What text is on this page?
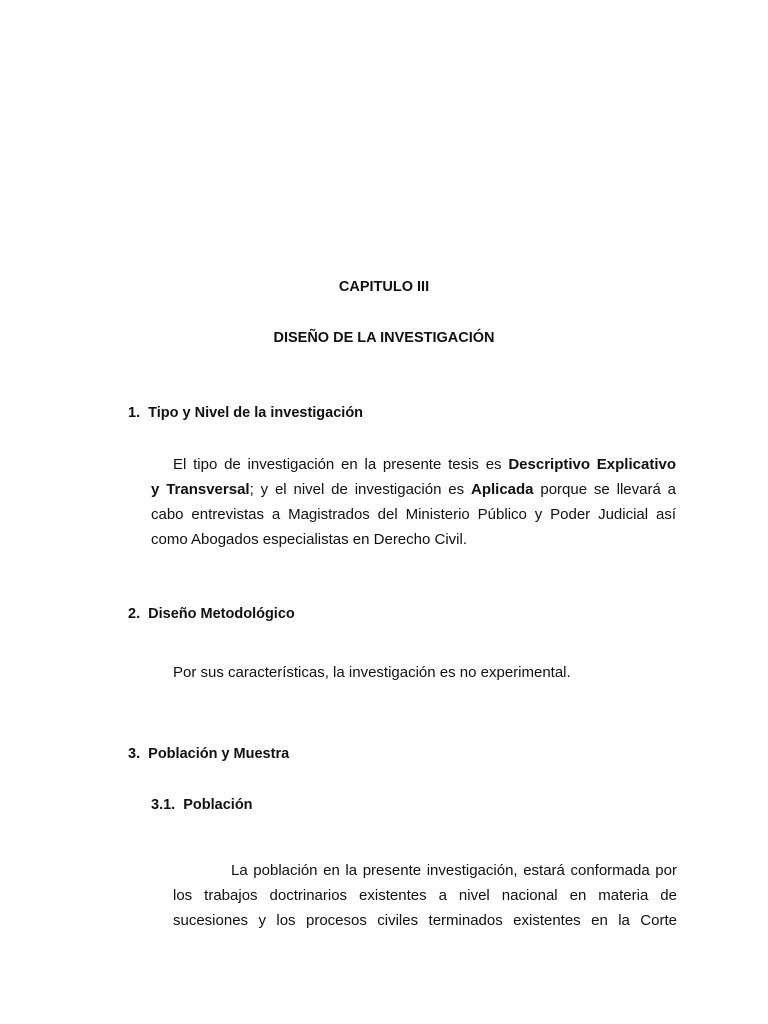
CAPITULO III
DISEÑO DE LA INVESTIGACIÓN
1.  Tipo y Nivel de la investigación
El tipo de investigación en la presente tesis es Descriptivo Explicativo
y Transversal; y el nivel de investigación es Aplicada porque se llevará a
cabo entrevistas a Magistrados del Ministerio Público y Poder Judicial así
como Abogados especialistas en Derecho Civil.
2.  Diseño Metodológico
Por sus características, la investigación es no experimental.
3.  Población y Muestra
3.1.  Población
La población en la presente investigación, estará conformada por
los trabajos doctrinarios existentes a nivel nacional en materia de
sucesiones y los procesos civiles terminados existentes en la Corte
